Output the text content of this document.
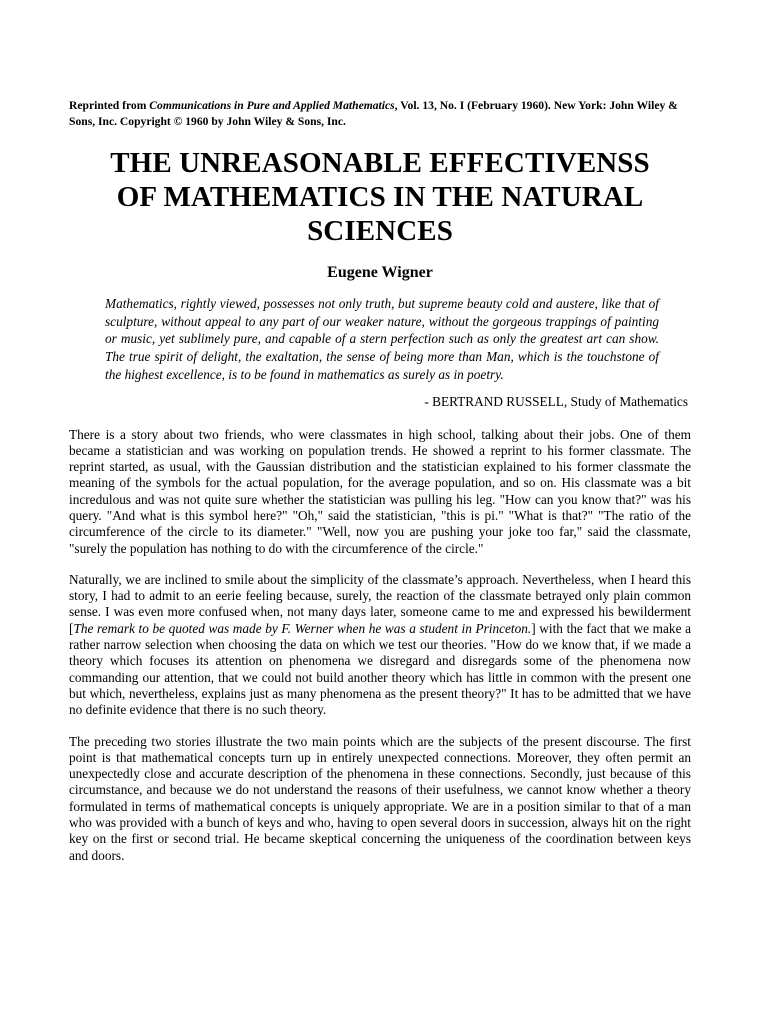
Reprinted from Communications in Pure and Applied Mathematics, Vol. 13, No. I (February 1960). New York: John Wiley & Sons, Inc. Copyright © 1960 by John Wiley & Sons, Inc.

THE UNREASONABLE EFFECTIVENSS
OF MATHEMATICS IN THE NATURAL
SCIENCES
Eugene Wigner

Mathematics, rightly viewed, possesses not only truth, but supreme beauty cold and austere, like that of sculpture, without appeal to any part of our weaker nature, without the gorgeous trappings of painting or music, yet sublimely pure, and capable of a stern perfection such as only the greatest art can show. The true spirit of delight, the exaltation, the sense of being more than Man, which is the touchstone of the highest excellence, is to be found in mathematics as surely as in poetry.

- BERTRAND RUSSELL, Study of Mathematics

There is a story about two friends, who were classmates in high school, talking about their jobs. One of them became a statistician and was working on population trends. He showed a reprint to his former classmate. The reprint started, as usual, with the Gaussian distribution and the statistician explained to his former classmate the meaning of the symbols for the actual population, for the average population, and so on. His classmate was a bit incredulous and was not quite sure whether the statistician was pulling his leg. "How can you know that?" was his query. "And what is this symbol here?" "Oh," said the statistician, "this is pi." "What is that?" "The ratio of the circumference of the circle to its diameter." "Well, now you are pushing your joke too far," said the classmate, "surely the population has nothing to do with the circumference of the circle."

Naturally, we are inclined to smile about the simplicity of the classmate’s approach. Nevertheless, when I heard this story, I had to admit to an eerie feeling because, surely, the reaction of the classmate betrayed only plain common sense. I was even more confused when, not many days later, someone came to me and expressed his bewilderment [The remark to be quoted was made by F. Werner when he was a student in Princeton.] with the fact that we make a rather narrow selection when choosing the data on which we test our theories. "How do we know that, if we made a theory which focuses its attention on phenomena we disregard and disregards some of the phenomena now commanding our attention, that we could not build another theory which has little in common with the present one but which, nevertheless, explains just as many phenomena as the present theory?" It has to be admitted that we have no definite evidence that there is no such theory.

The preceding two stories illustrate the two main points which are the subjects of the present discourse. The first point is that mathematical concepts turn up in entirely unexpected connections. Moreover, they often permit an unexpectedly close and accurate description of the phenomena in these connections. Secondly, just because of this circumstance, and because we do not understand the reasons of their usefulness, we cannot know whether a theory formulated in terms of mathematical concepts is uniquely appropriate. We are in a position similar to that of a man who was provided with a bunch of keys and who, having to open several doors in succession, always hit on the right key on the first or second trial. He became skeptical concerning the uniqueness of the coordination between keys and doors.
